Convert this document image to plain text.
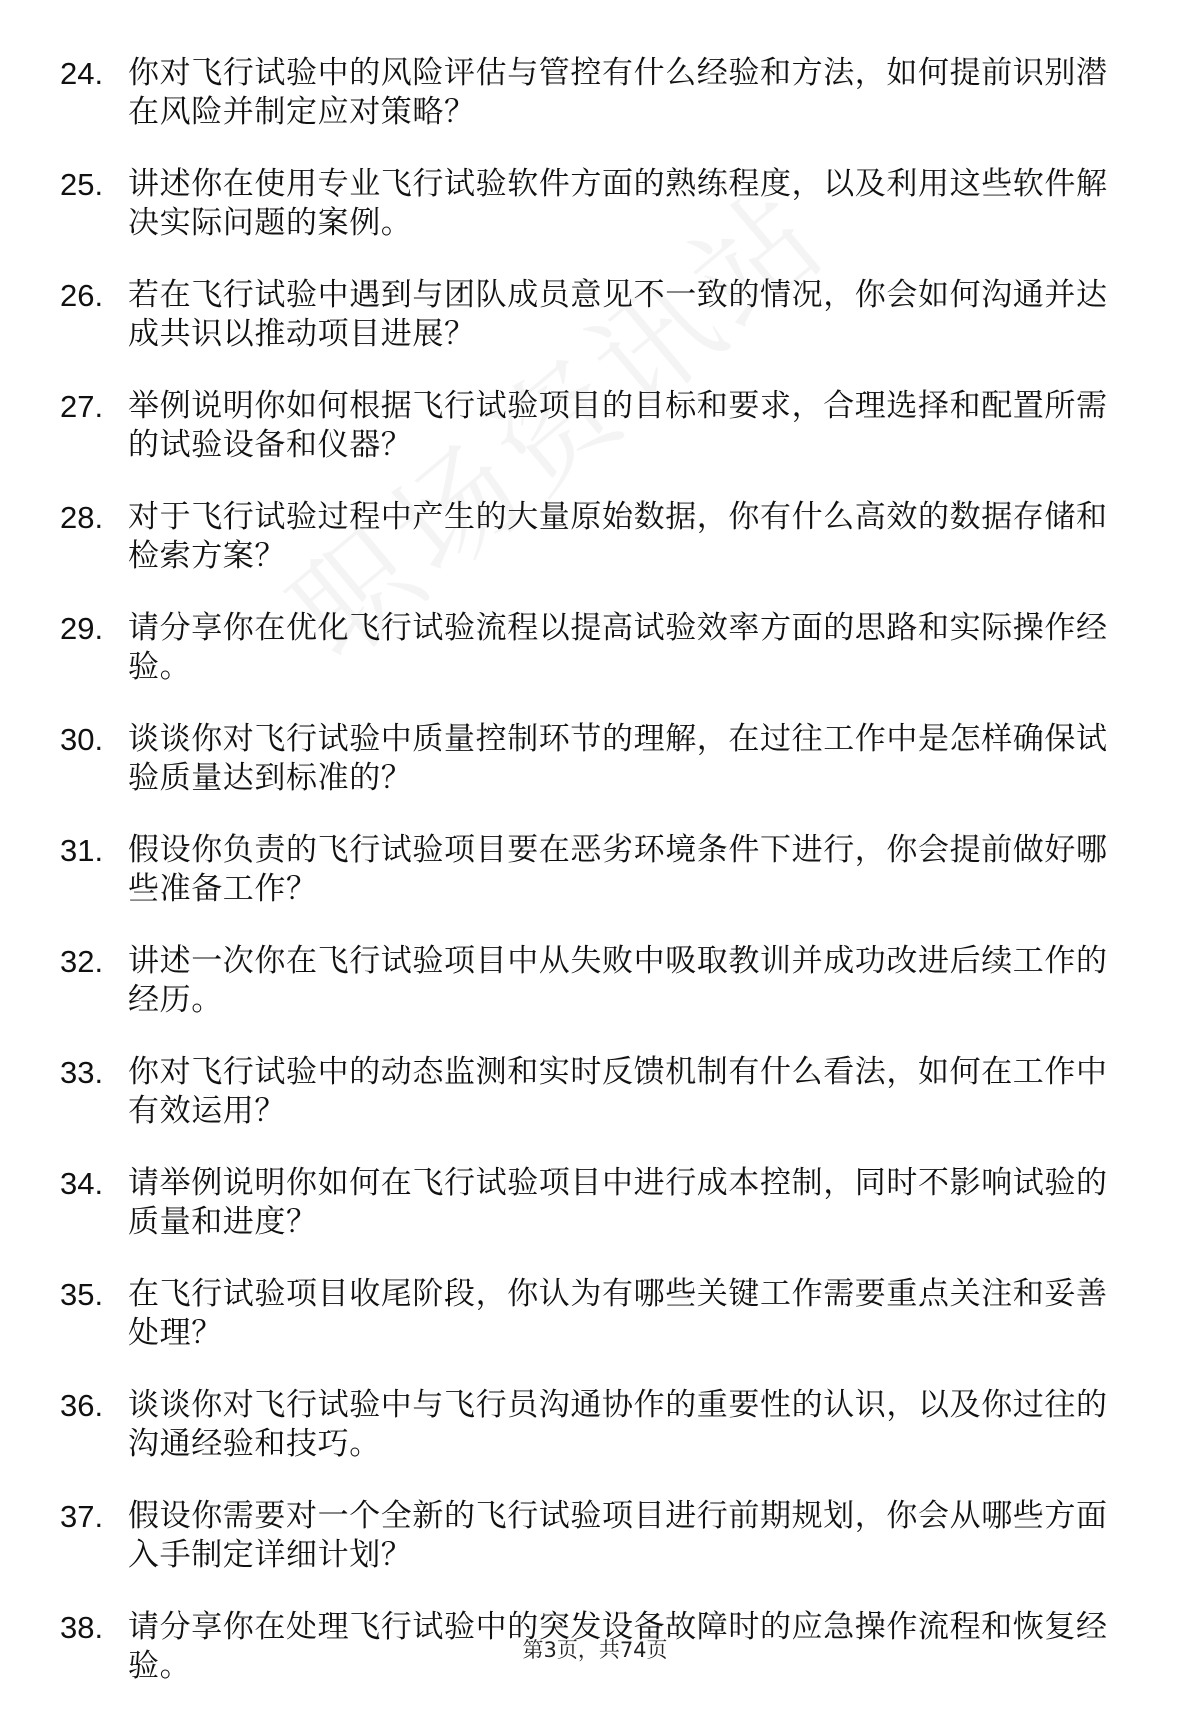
24. 你对飞行试验中的风险评估与管控有什么经验和方法，如何提前识别潜在风险并制定应对策略？
25. 讲述你在使用专业飞行试验软件方面的熟练程度，以及利用这些软件解决实际问题的案例。
26. 若在飞行试验中遇到与团队成员意见不一致的情况，你会如何沟通并达成共识以推动项目进展？
27. 举例说明你如何根据飞行试验项目的目标和要求，合理选择和配置所需的试验设备和仪器？
28. 对于飞行试验过程中产生的大量原始数据，你有什么高效的数据存储和检索方案？
29. 请分享你在优化飞行试验流程以提高试验效率方面的思路和实际操作经验。
30. 谈谈你对飞行试验中质量控制环节的理解，在过往工作中是怎样确保试验质量达到标准的？
31. 假设你负责的飞行试验项目要在恶劣环境条件下进行，你会提前做好哪些准备工作？
32. 讲述一次你在飞行试验项目中从失败中吸取教训并成功改进后续工作的经历。
33. 你对飞行试验中的动态监测和实时反馈机制有什么看法，如何在工作中有效运用？
34. 请举例说明你如何在飞行试验项目中进行成本控制，同时不影响试验的质量和进度？
35. 在飞行试验项目收尾阶段，你认为有哪些关键工作需要重点关注和妥善处理？
36. 谈谈你对飞行试验中与飞行员沟通协作的重要性的认识，以及你过往的沟通经验和技巧。
37. 假设你需要对一个全新的飞行试验项目进行前期规划，你会从哪些方面入手制定详细计划？
38. 请分享你在处理飞行试验中的突发设备故障时的应急操作流程和恢复经验。	第3页，共74页
